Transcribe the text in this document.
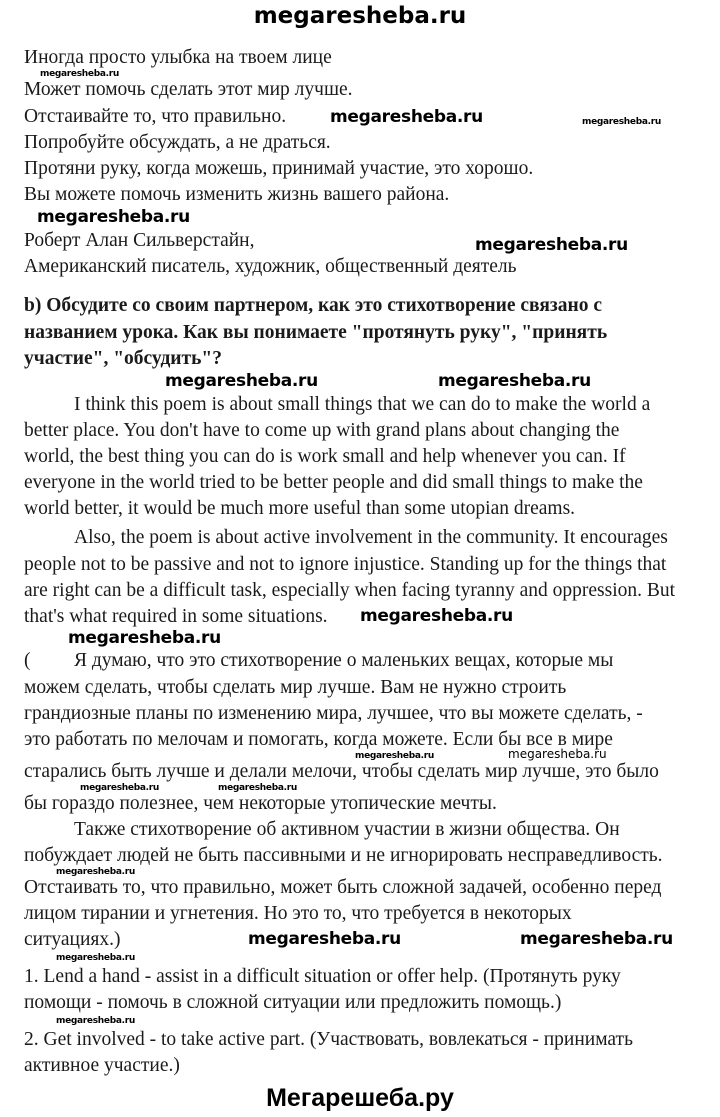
megaresheba.ru
Иногда просто улыбка на твоем лице
Может помочь сделать этот мир лучше.
Отстаивайте то, что правильно.
Попробуйте обсуждать, а не драться.
Протяни руку, когда можешь, принимай участие, это хорошо.
Вы можете помочь изменить жизнь вашего района.
Роберт Алан Сильверстайн,
Американский писатель, художник, общественный деятель
b) Обсудите со своим партнером, как это стихотворение связано с
названием урока. Как вы понимаете "протянуть руку", "принять
участие", "обсудить"?
I think this poem is about small things that we can do to make the world a
better place. You don't have to come up with grand plans about changing the
world, the best thing you can do is work small and help whenever you can. If
everyone in the world tried to be better people and did small things to make the
world better, it would be much more useful than some utopian dreams.
Also, the poem is about active involvement in the community. It encourages
people not to be passive and not to ignore injustice. Standing up for the things that
are right can be a difficult task, especially when facing tyranny and oppression. But
that's what required in some situations.
(	Я думаю, что это стихотворение о маленьких вещах, которые мы
можем сделать, чтобы сделать мир лучше. Вам не нужно строить
грандиозные планы по изменению мира, лучшее, что вы можете сделать, -
это работать по мелочам и помогать, когда можете. Если бы все в мире
старались быть лучше и делали мелочи, чтобы сделать мир лучше, это было
бы гораздо полезнее, чем некоторые утопические мечты.
Также стихотворение об активном участии в жизни общества. Он
побуждает людей не быть пассивными и не игнорировать несправедливость.
Отстаивать то, что правильно, может быть сложной задачей, особенно перед
лицом тирании и угнетения. Но это то, что требуется в некоторых
ситуациях.)
1. Lend a hand - assist in a difficult situation or offer help. (Протянуть руку
помощи - помочь в сложной ситуации или предложить помощь.)
2. Get involved - to take active part. (Участвовать, вовлекаться - принимать
активное участие.)
megaresheba.ru
megaresheba.ru	megaresheba.ru
megaresheba.ru
megaresheba.ru
megaresheba.ru	megaresheba.ru
megaresheba.ru
megaresheba.ru
megaresheba.ru	megaresheba.ru
megaresheba.ru	megaresheba.ru
megaresheba.ru
megaresheba.ru	megaresheba.ru
megaresheba.ru
megaresheba.ru
Мегарешеба.ру
